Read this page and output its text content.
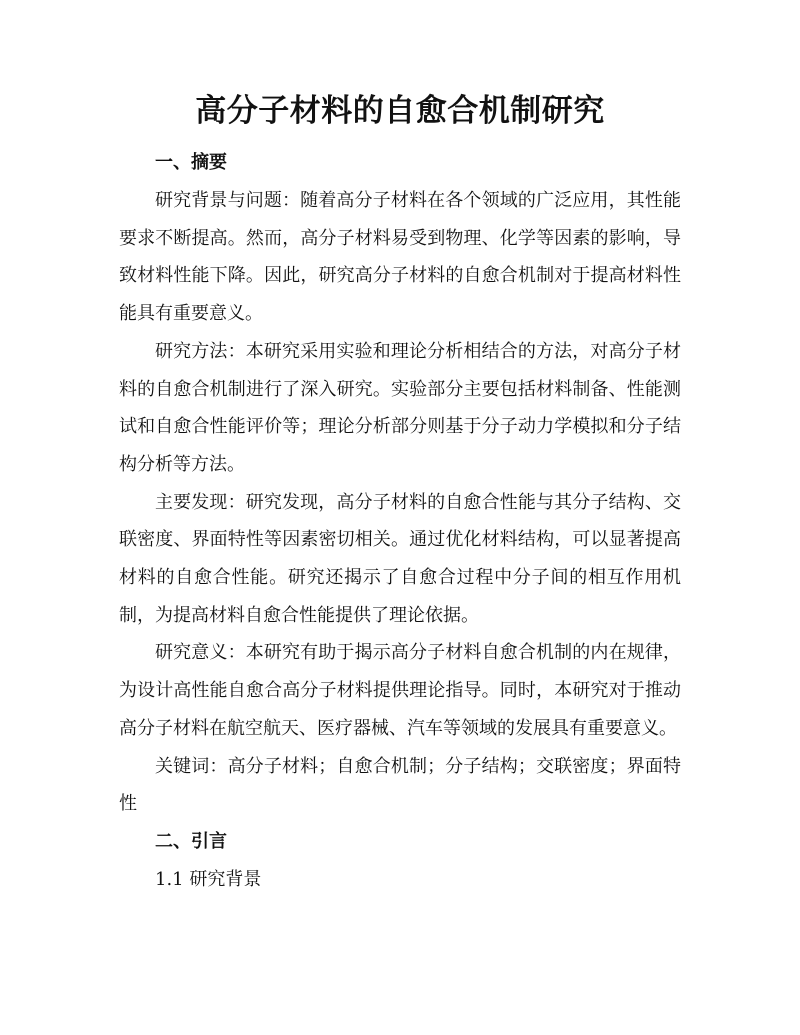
高分子材料的自愈合机制研究

一、摘要

研究背景与问题：随着高分子材料在各个领域的广泛应用，其性能要求不断提高。然而，高分子材料易受到物理、化学等因素的影响，导致材料性能下降。因此，研究高分子材料的自愈合机制对于提高材料性能具有重要意义。

研究方法：本研究采用实验和理论分析相结合的方法，对高分子材料的自愈合机制进行了深入研究。实验部分主要包括材料制备、性能测试和自愈合性能评价等；理论分析部分则基于分子动力学模拟和分子结构分析等方法。

主要发现：研究发现，高分子材料的自愈合性能与其分子结构、交联密度、界面特性等因素密切相关。通过优化材料结构，可以显著提高材料的自愈合性能。研究还揭示了自愈合过程中分子间的相互作用机制，为提高材料自愈合性能提供了理论依据。

研究意义：本研究有助于揭示高分子材料自愈合机制的内在规律，为设计高性能自愈合高分子材料提供理论指导。同时，本研究对于推动高分子材料在航空航天、医疗器械、汽车等领域的发展具有重要意义。

关键词：高分子材料；自愈合机制；分子结构；交联密度；界面特性

二、引言

1.1 研究背景
